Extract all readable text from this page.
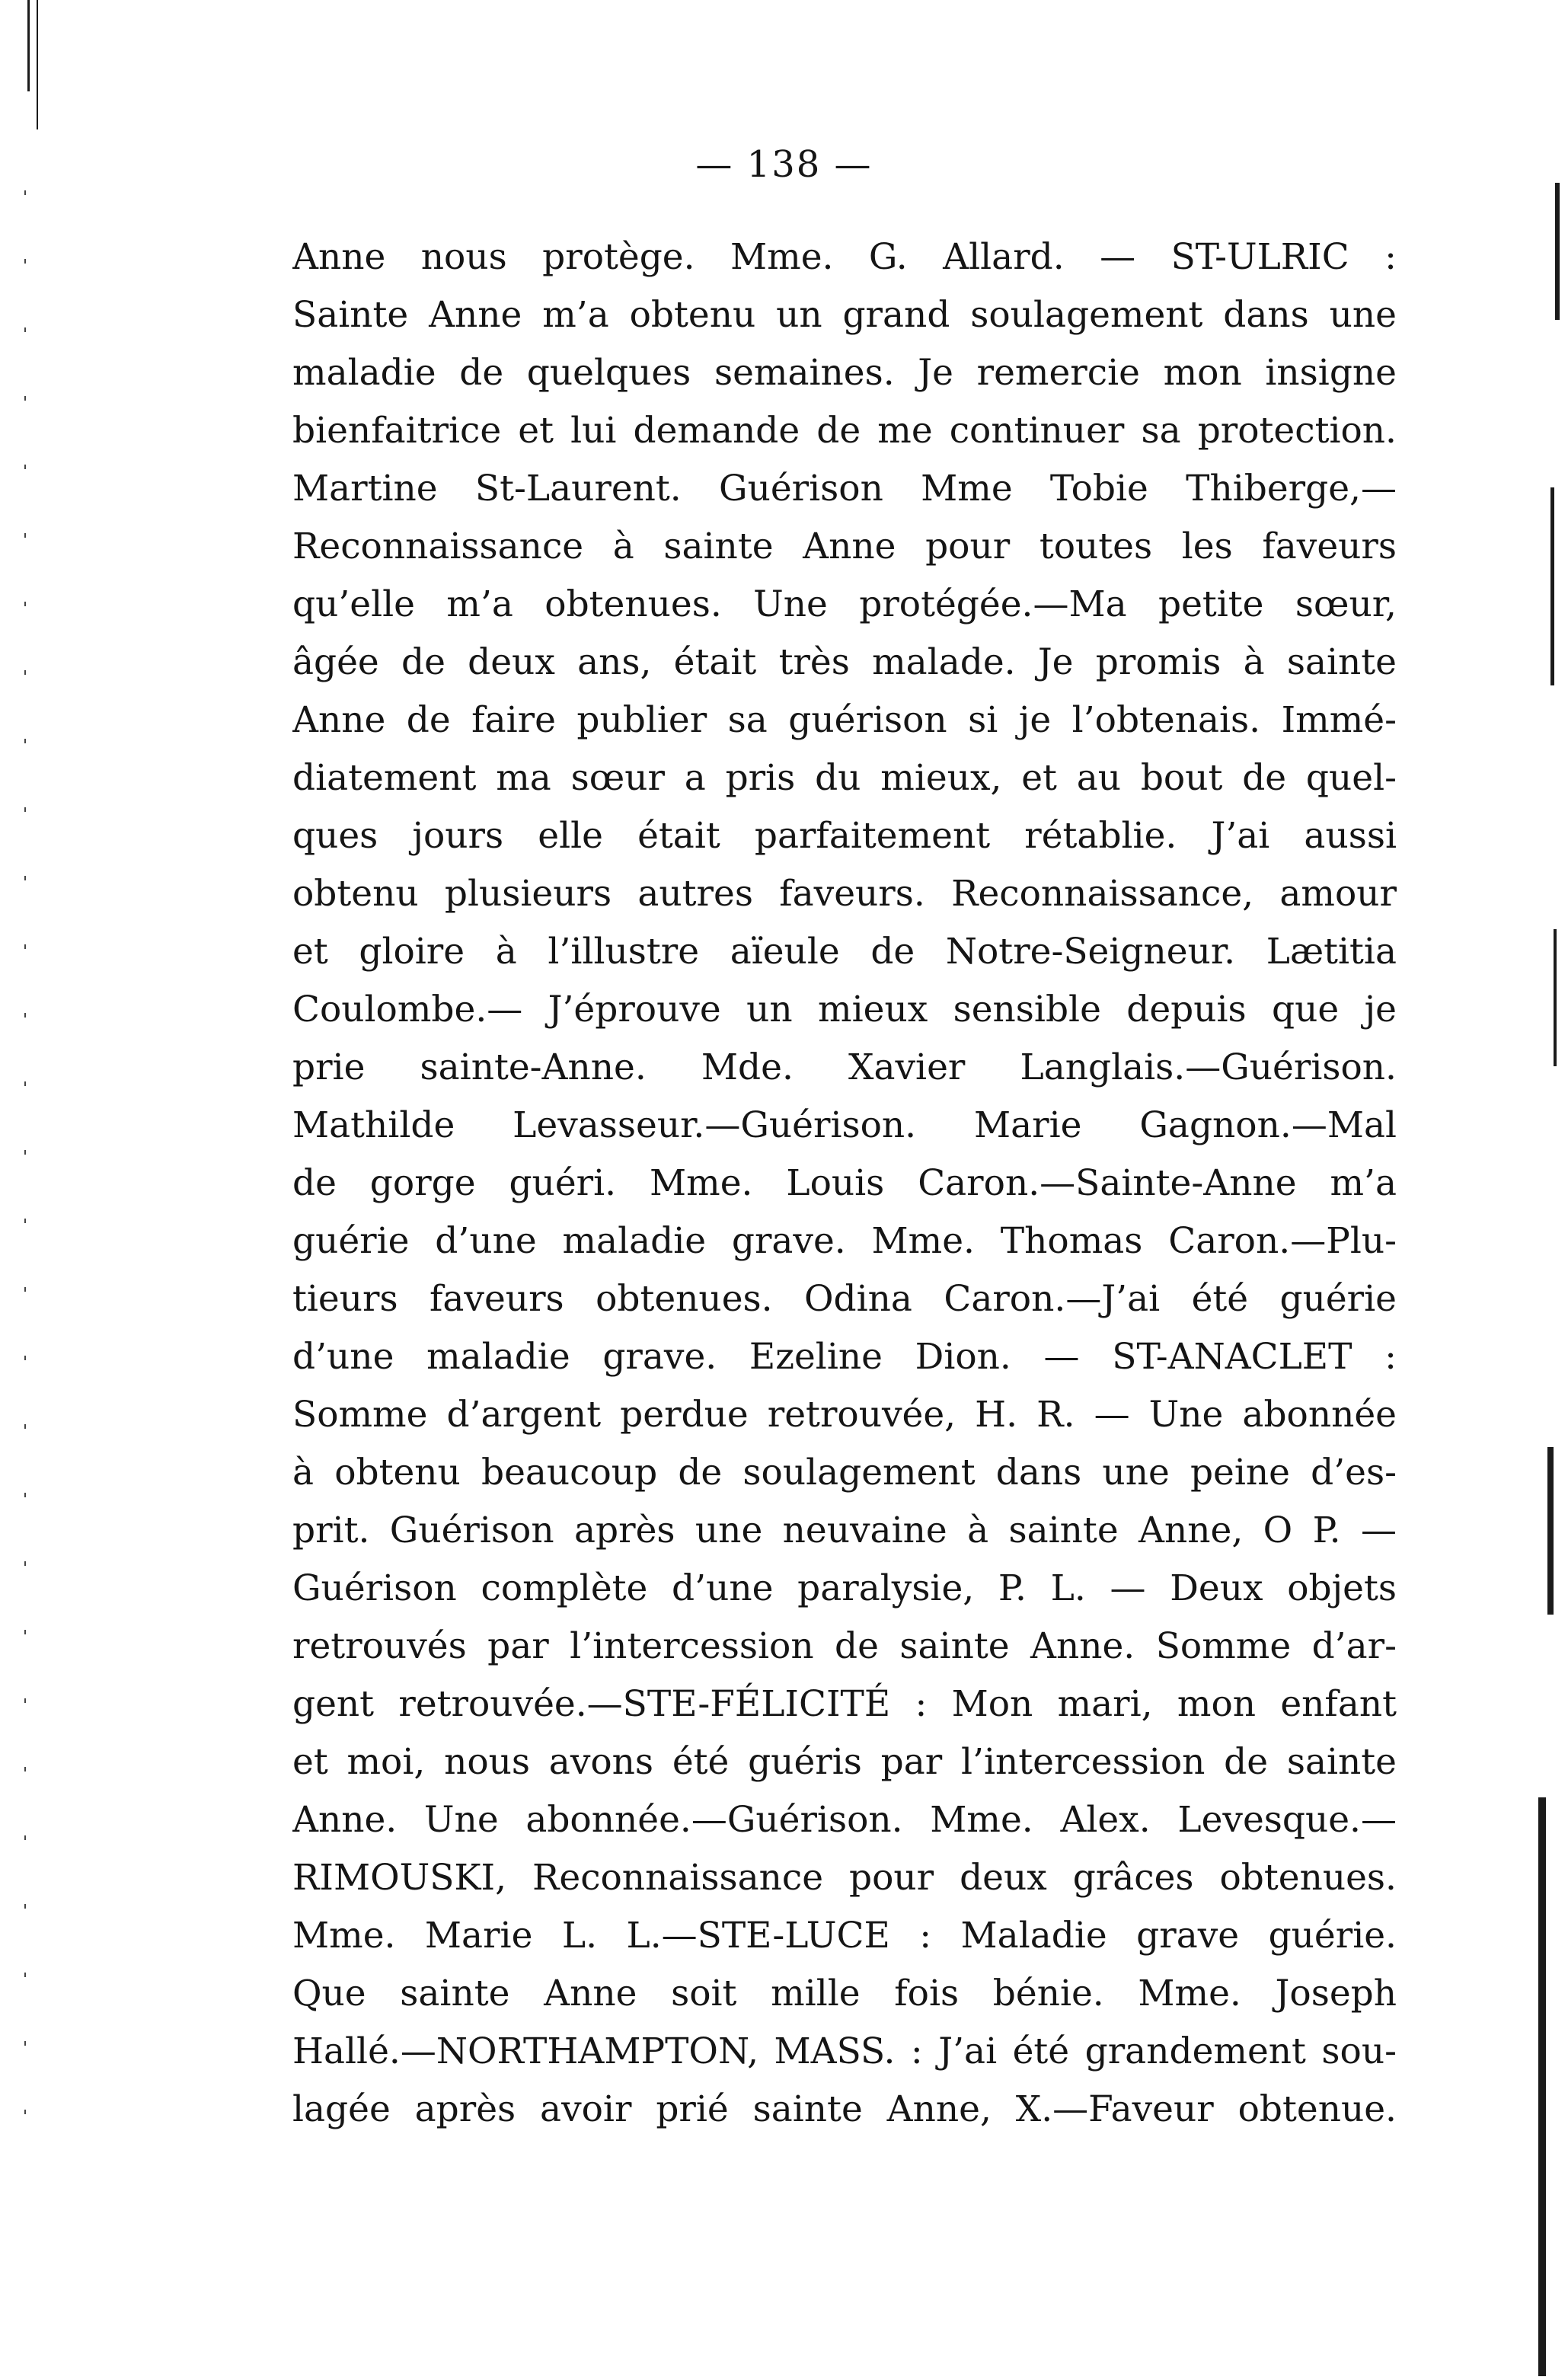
— 138 —
Anne nous protège. Mme. G. Allard. — ST-ULRIC :
Sainte Anne m’a obtenu un grand soulagement dans une
maladie de quelques semaines. Je remercie mon insigne
bienfaitrice et lui demande de me continuer sa protection.
Martine St-Laurent. Guérison Mme Tobie Thiberge,—
Reconnaissance à sainte Anne pour toutes les faveurs
qu’elle m’a obtenues. Une protégée.—Ma petite sœur,
âgée de deux ans, était très malade. Je promis à sainte
Anne de faire publier sa guérison si je l’obtenais. Immé-
diatement ma sœur a pris du mieux, et au bout de quel-
ques jours elle était parfaitement rétablie. J’ai aussi
obtenu plusieurs autres faveurs. Reconnaissance, amour
et gloire à l’illustre aïeule de Notre-Seigneur. Lætitia
Coulombe.— J’éprouve un mieux sensible depuis que je
prie sainte-Anne. Mde. Xavier Langlais.—Guérison.
Mathilde Levasseur.—Guérison. Marie Gagnon.—Mal
de gorge guéri. Mme. Louis Caron.—Sainte-Anne m’a
guérie d’une maladie grave. Mme. Thomas Caron.—Plu-
tieurs faveurs obtenues. Odina Caron.—J’ai été guérie
d’une maladie grave. Ezeline Dion. — ST-ANACLET :
Somme d’argent perdue retrouvée, H. R. — Une abonnée
à obtenu beaucoup de soulagement dans une peine d’es-
prit. Guérison après une neuvaine à sainte Anne, O P. —
Guérison complète d’une paralysie, P. L. — Deux objets
retrouvés par l’intercession de sainte Anne. Somme d’ar-
gent retrouvée.—STE-FÉLICITÉ : Mon mari, mon enfant
et moi, nous avons été guéris par l’intercession de sainte
Anne. Une abonnée.—Guérison. Mme. Alex. Levesque.—
RIMOUSKI, Reconnaissance pour deux grâces obtenues.
Mme. Marie L. L.—STE-LUCE : Maladie grave guérie.
Que sainte Anne soit mille fois bénie. Mme. Joseph
Hallé.—NORTHAMPTON, MASS. : J’ai été grandement sou-
lagée après avoir prié sainte Anne, X.—Faveur obtenue.
